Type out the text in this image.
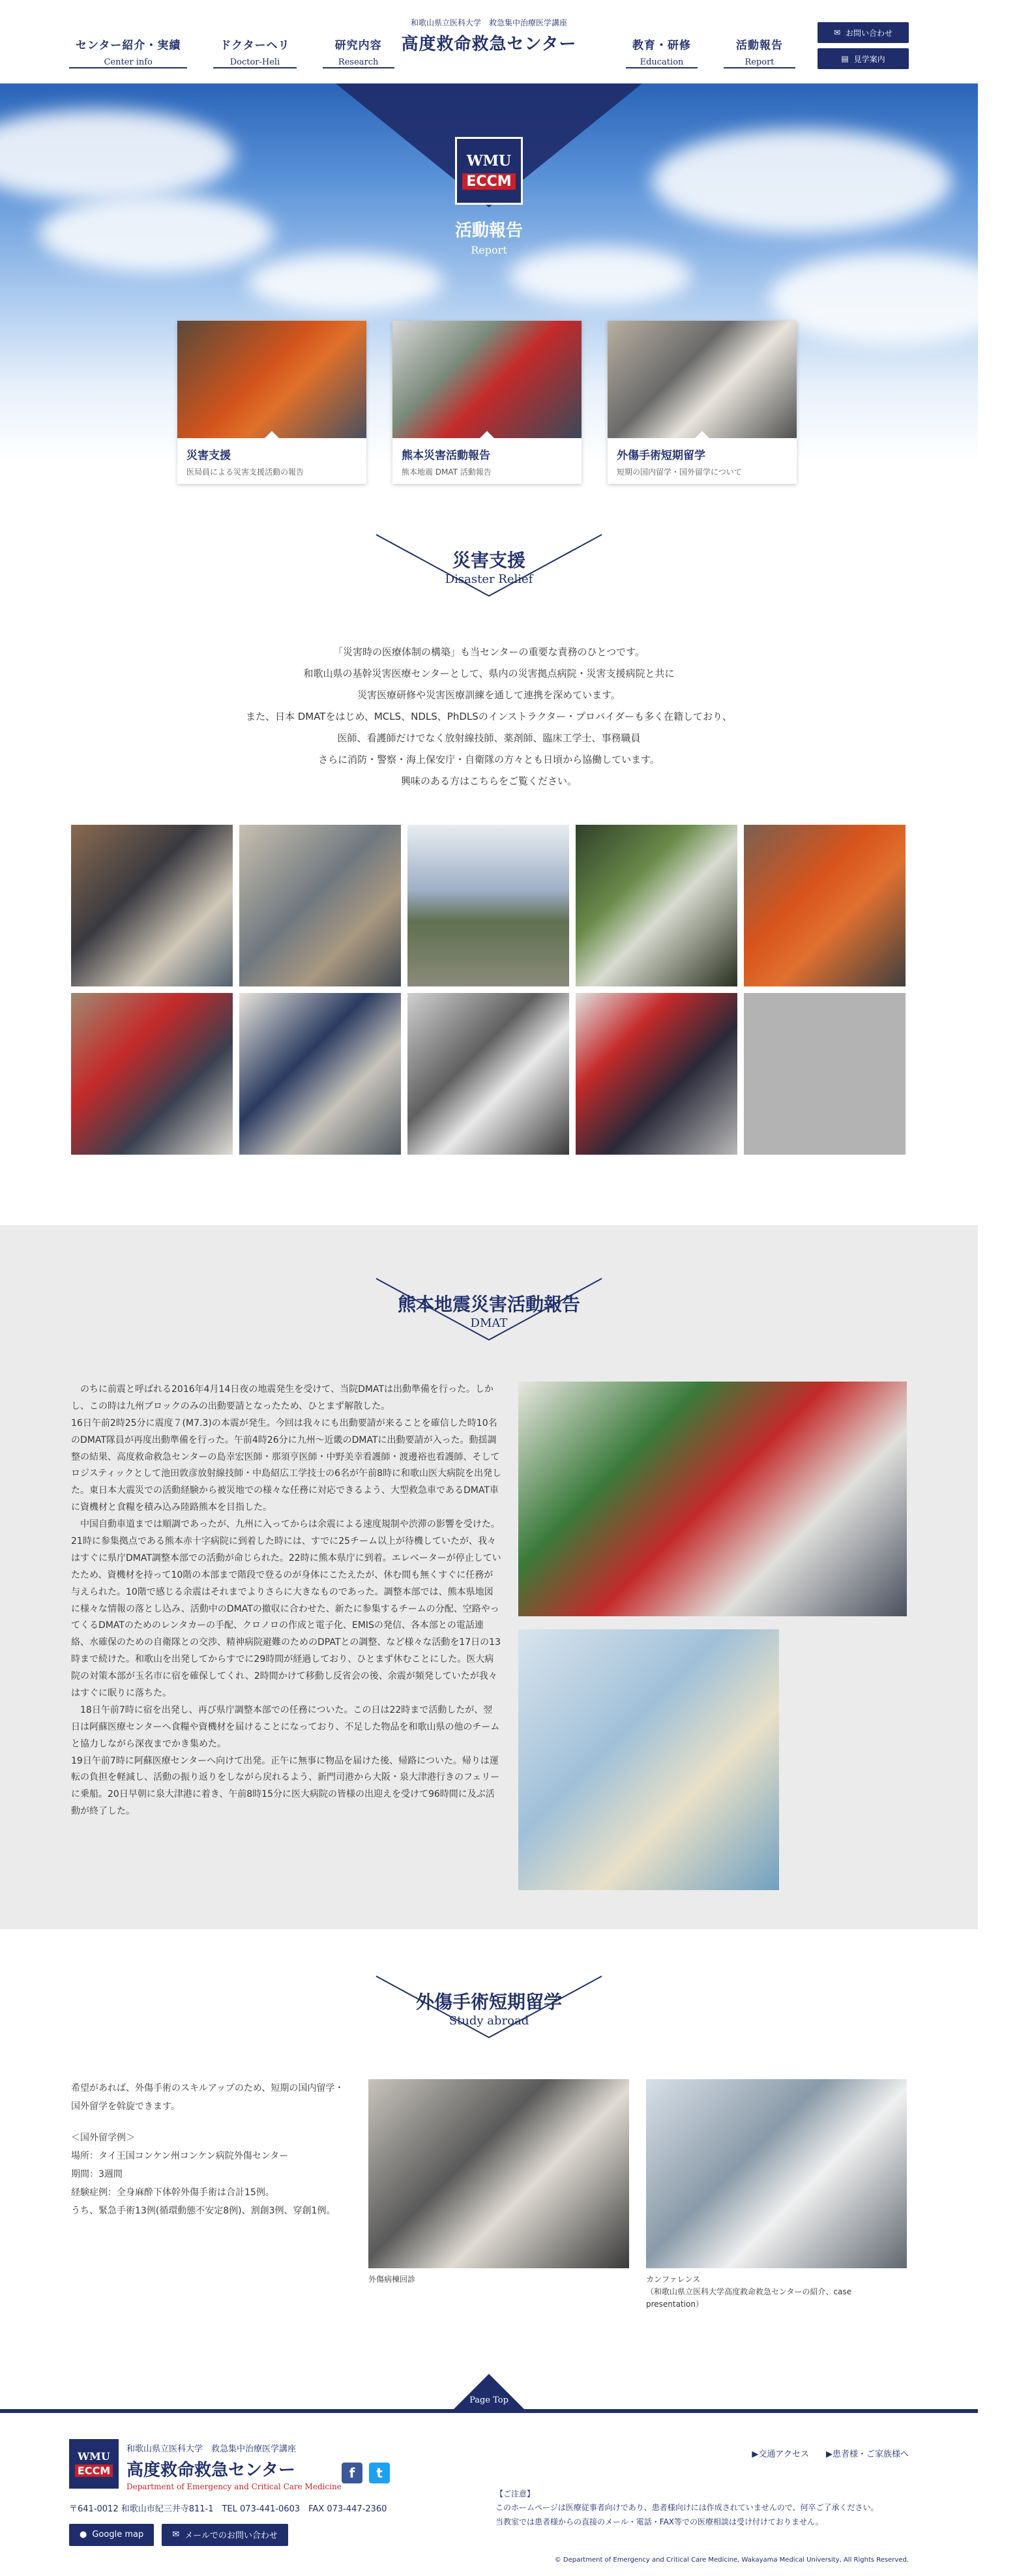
センター紹介・実績
Center info
ドクターヘリ
Doctor-Heli
研究内容
Research
和歌山県立医科大学　救急集中治療医学講座
高度救命救急センター	教育・研修
Education
活動報告
Report
✉ お問い合わせ
▤ 見学案内
WMU
ECCM
活動報告
Report
災害支援
医局員による災害支援活動の報告
熊本災害活動報告
熊本地震 DMAT 活動報告
外傷手術短期留学
短期の国内留学・国外留学について
災害支援
Disaster Relief

「災害時の医療体制の構築」も当センターの重要な責務のひとつです。

和歌山県の基幹災害医療センターとして、県内の災害拠点病院・災害支援病院と共に

災害医療研修や災害医療訓練を通して連携を深めています。

また、日本 DMATをはじめ、MCLS、NDLS、PhDLSのインストラクター・プロバイダーも多く在籍しており、

医師、看護師だけでなく放射線技師、薬剤師、臨床工学士、事務職員

さらに消防・警察・海上保安庁・自衛隊の方々とも日頃から協働しています。

興味のある方はこちらをご覧ください。

熊本地震災害活動報告
DMAT

のちに前震と呼ばれる2016年4月14日夜の地震発生を受けて、当院DMATは出動準備を行った。しかし、この時は九州ブロックのみの出動要請となったため、ひとまず解散した。

16日午前2時25分に震度７(M7.3)の本震が発生。今回は我々にも出動要請が来ることを確信した時10名のDMAT隊員が再度出動準備を行った。午前4時26分に九州～近畿のDMATに出動要請が入った。動揺調整の結果、高度救命救急センターの島幸宏医師・那須亨医師・中野美幸看護師・渡邊裕也看護師、そしてロジスティックとして池田敦彦放射線技師・中島紹広工学技士の6名が午前8時に和歌山医大病院を出発した。東日本大震災での活動経験から被災地での様々な任務に対応できるよう、大型救急車であるDMAT車に資機材と食糧を積み込み陸路熊本を目指した。

中国自動車道までは順調であったが、九州に入ってからは余震による速度規制や渋滞の影響を受けた。21時に参集拠点である熊本赤十字病院に到着した時には、すでに25チーム以上が待機していたが、我々はすぐに県庁DMAT調整本部での活動が命じられた。22時に熊本県庁に到着。エレベーターが停止していたため、資機材を持って10階の本部まで階段で登るのが身体にこたえたが、休む間も無くすぐに任務が与えられた。10階で感じる余震はそれまでよりさらに大きなものであった。調整本部では、熊本県地図に様々な情報の落とし込み、活動中のDMATの撤収に合わせた、新たに参集するチームの分配、空路やってくるDMATのためのレンタカーの手配、クロノロの作成と電子化、EMISの発信、各本部との電話連絡、水確保のための自衛隊との交渉、精神病院避難のためのDPATとの調整、など様々な活動を17日の13時まで続けた。和歌山を出発してからすでに29時間が経過しており、ひとまず休むことにした。医大病院の対策本部が玉名市に宿を確保してくれ、2時間かけて移動し反省会の後、余震が頻発していたが我々はすぐに眠りに落ちた。

18日午前7時に宿を出発し、再び県庁調整本部での任務についた。この日は22時まで活動したが、翌日は阿蘇医療センターへ食糧や資機材を届けることになっており、不足した物品を和歌山県の他のチームと協力しながら深夜までかき集めた。

19日午前7時に阿蘇医療センターへ向けて出発。正午に無事に物品を届けた後、帰路についた。帰りは運転の負担を軽減し、活動の振り返りをしながら戻れるよう、新門司港から大阪・泉大津港行きのフェリーに乗船。20日早朝に泉大津港に着き、午前8時15分に医大病院の皆様の出迎えを受けて96時間に及ぶ活動が終了した。

外傷手術短期留学
Study abroad

希望があれば、外傷手術のスキルアップのため、短期の国内留学・国外留学を斡旋できます。

＜国外留学例＞

場所：タイ王国コンケン州コンケン病院外傷センター

期間：3週間

経験症例：全身麻酔下体幹外傷手術は合計15例。

うち、緊急手術13例(循環動態不安定8例)、割創3例、穿創1例。

外傷病棟回診	カンファレンス
（和歌山県立医科大学高度救命救急センターの紹介、case presentation）
Page Top
WMU
ECCM
和歌山県立医科大学　救急集中治療医学講座
高度救命救急センター
Department of Emergency and Critical Care Medicine
f	t
〒641-0012 和歌山市紀三井寺811-1　TEL 073-441-0603　FAX 073-447-2360
● Google map	✉ メールでのお問い合わせ
▶交通アクセス ▶患者様・ご家族様へ
【ご注意】
このホームページは医療従事者向けであり、患者様向けには作成されていませんので、何卒ご了承ください。
当教室では患者様からの直接のメール・電話・FAX等での医療相談は受け付けておりません。
© Department of Emergency and Critical Care Medicine, Wakayama Medical University, All Rights Reserved.
